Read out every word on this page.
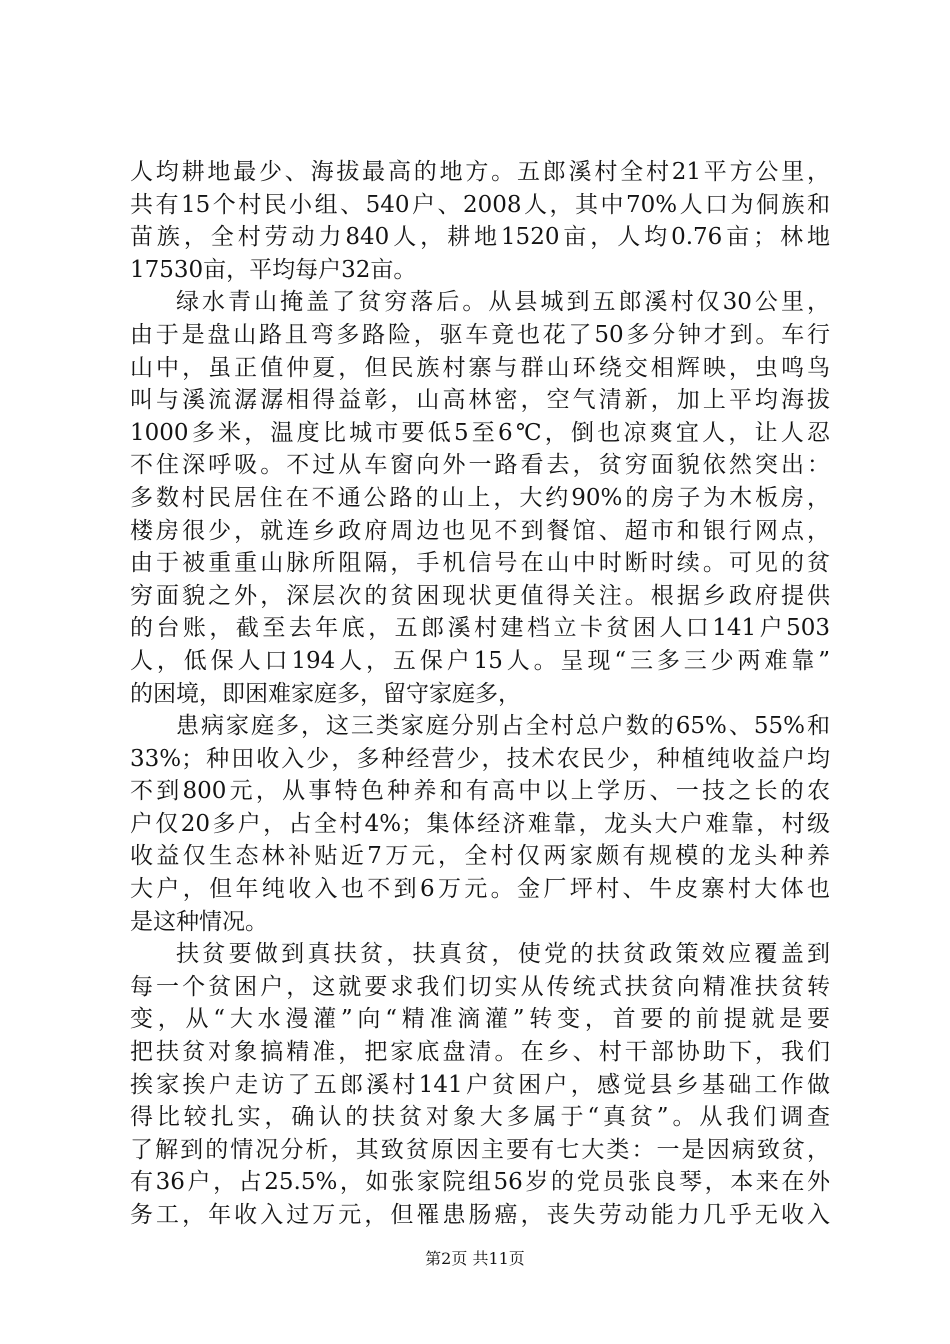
人均耕地最少、海拔最高的地方。五郎溪村全村21平方公里，
共有15个村民小组、540户、2008人，其中70%人口为侗族和
苗族，全村劳动力840人，耕地1520亩，人均0.76亩；林地
17530亩，平均每户32亩。
绿水青山掩盖了贫穷落后。从县城到五郎溪村仅30公里，
由于是盘山路且弯多路险，驱车竟也花了50多分钟才到。车行
山中，虽正值仲夏，但民族村寨与群山环绕交相辉映，虫鸣鸟
叫与溪流潺潺相得益彰，山高林密，空气清新，加上平均海拔
1000多米，温度比城市要低5至6℃，倒也凉爽宜人，让人忍
不住深呼吸。不过从车窗向外一路看去，贫穷面貌依然突出：
多数村民居住在不通公路的山上，大约90%的房子为木板房，
楼房很少，就连乡政府周边也见不到餐馆、超市和银行网点，
由于被重重山脉所阻隔，手机信号在山中时断时续。可见的贫
穷面貌之外，深层次的贫困现状更值得关注。根据乡政府提供
的台账，截至去年底，五郎溪村建档立卡贫困人口141户503
人，低保人口194人，五保户15人。呈现“三多三少两难靠”
的困境，即困难家庭多，留守家庭多，
患病家庭多，这三类家庭分别占全村总户数的65%、55%和
33%；种田收入少，多种经营少，技术农民少，种植纯收益户均
不到800元，从事特色种养和有高中以上学历、一技之长的农
户仅20多户，占全村4%；集体经济难靠，龙头大户难靠，村级
收益仅生态林补贴近7万元，全村仅两家颇有规模的龙头种养
大户，但年纯收入也不到6万元。金厂坪村、牛皮寨村大体也
是这种情况。
扶贫要做到真扶贫，扶真贫，使党的扶贫政策效应覆盖到
每一个贫困户，这就要求我们切实从传统式扶贫向精准扶贫转
变，从“大水漫灌”向“精准滴灌”转变，首要的前提就是要
把扶贫对象搞精准，把家底盘清。在乡、村干部协助下，我们
挨家挨户走访了五郎溪村141户贫困户，感觉县乡基础工作做
得比较扎实，确认的扶贫对象大多属于“真贫”。从我们调查
了解到的情况分析，其致贫原因主要有七大类：一是因病致贫，
有36户，占25.5%，如张家院组56岁的党员张良琴，本来在外
务工，年收入过万元，但罹患肠癌，丧失劳动能力几乎无收入
第2页 共11页
